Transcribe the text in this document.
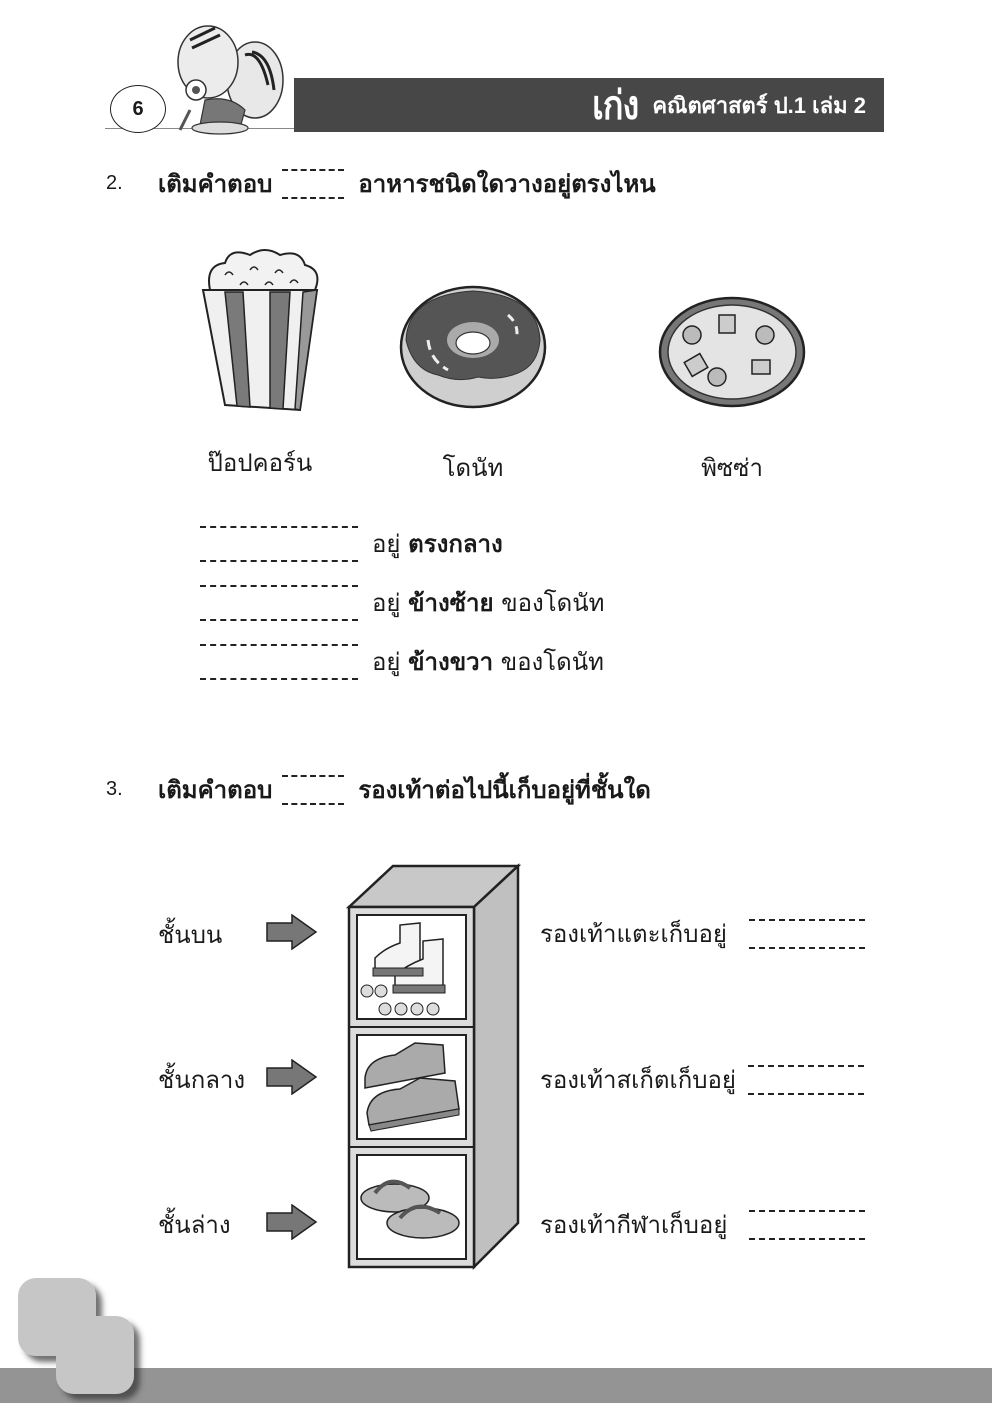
6	เก่ง คณิตศาสตร์ ป.1 เล่ม 2
2.	เติมคำตอบ	อาหารชนิดใดวางอยู่ตรงไหน
ป๊อปคอร์น	โดนัท	พิซซ่า
อยู่
ตรงกลาง

อยู่
ข้างซ้าย
ของโดนัท
อยู่
ข้างขวา
ของโดนัท
3.	เติมคำตอบ	รองเท้าต่อไปนี้เก็บอยู่ที่ชั้นใด
ชั้นบน
ชั้นกลาง
ชั้นล่าง
รองเท้าแตะเก็บอยู่
รองเท้าสเก็ตเก็บอยู่
รองเท้ากีฬาเก็บอยู่
